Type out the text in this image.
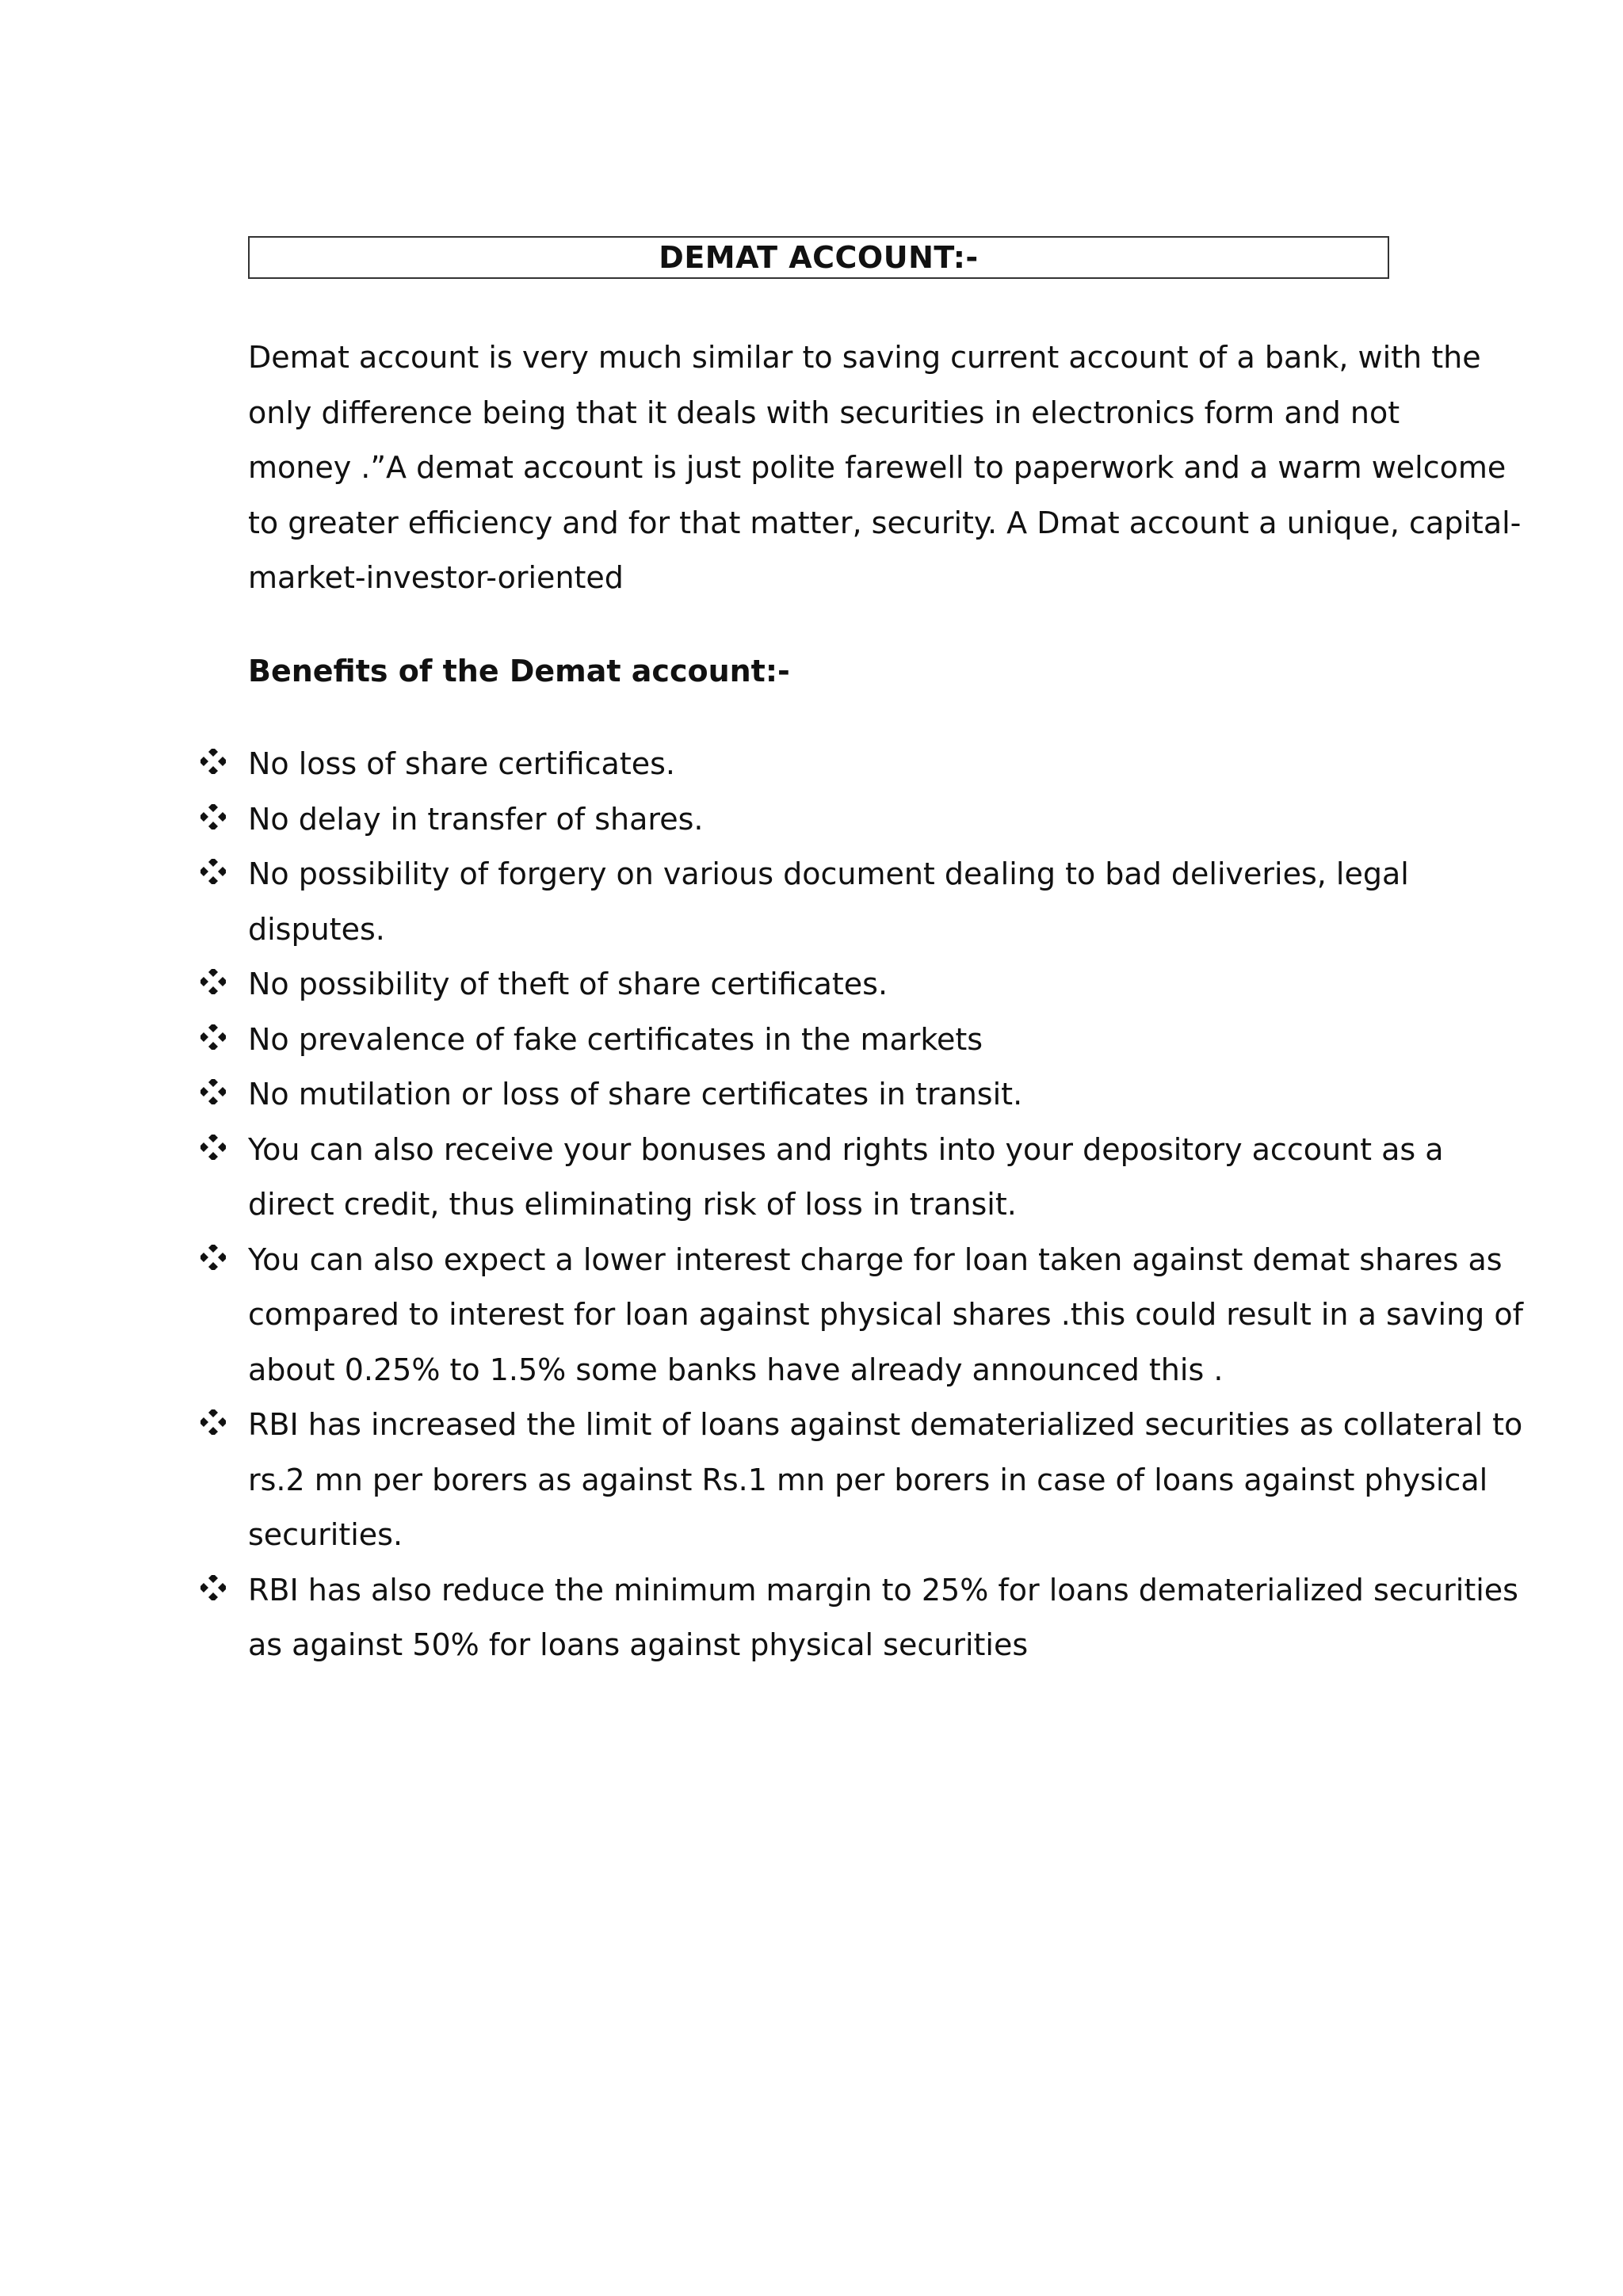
DEMAT ACCOUNT:-
Demat account is very much similar to saving current account of a bank, with the
only difference being that it deals with securities in electronics form and not
money .”A demat account is just polite farewell to paperwork and a warm welcome
to greater efficiency and for that matter, security. A Dmat account a unique, capital-
market-investor-oriented
Benefits of the Demat account:-
No loss of share certificates.
No delay in transfer of shares.
No possibility of forgery on various document dealing to bad deliveries, legal
disputes.
No possibility of theft of share certificates.
No prevalence of fake certificates in the markets
No mutilation or loss of share certificates in transit.
You can also receive your bonuses and rights into your depository account as a
direct credit, thus eliminating risk of loss in transit.
You can also expect a lower interest charge for loan taken against demat shares as
compared to interest for loan against physical shares .this could result in a saving of
about 0.25% to 1.5% some banks have already announced this .
RBI has increased the limit of loans against dematerialized securities as collateral to
rs.2 mn per borers as against Rs.1 mn per borers in case of loans against physical
securities.
RBI has also reduce the minimum margin to 25% for loans dematerialized securities
as against 50% for loans against physical securities
